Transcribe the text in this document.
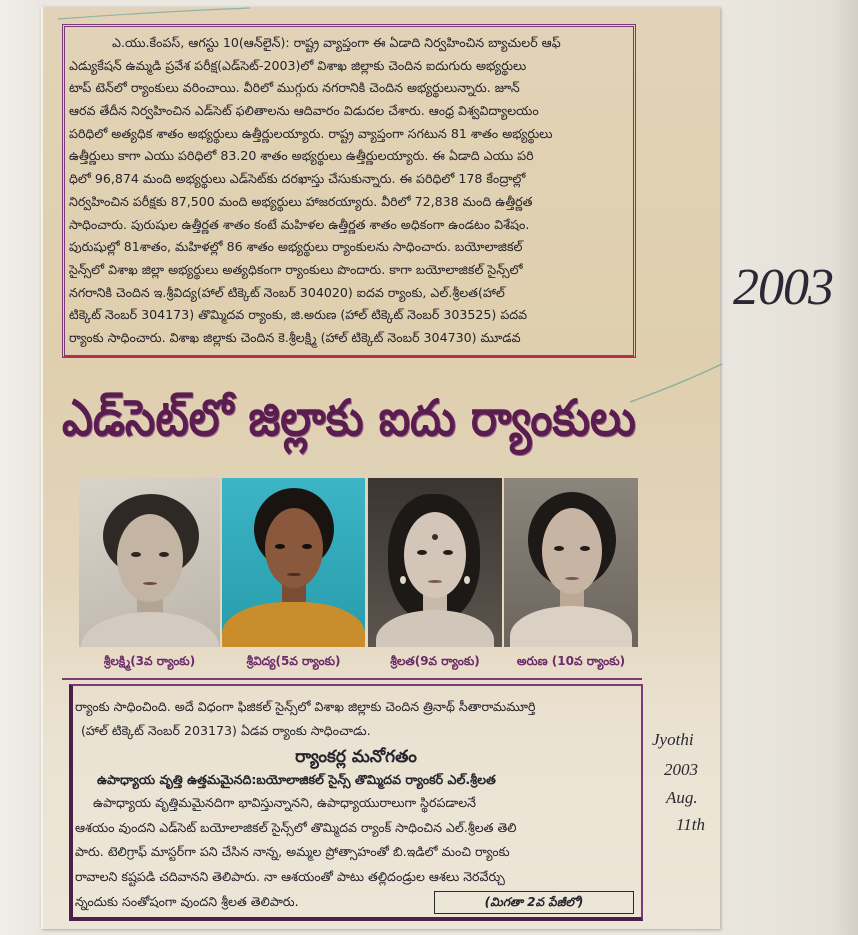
ఎ.యు.కేంపస్, ఆగస్టు 10(ఆన్‌లైన్): రాష్ట్ర వ్యాప్తంగా ఈ ఏడాది నిర్వహించిన బ్యాచులర్ ఆఫ్
ఎడ్యుకేషన్ ఉమ్మడి ప్రవేశ పరీక్ష(ఎడ్‌సెట్-2003)లో విశాఖ జిల్లాకు చెందిన ఐదుగురు అభ్యర్థులు
టాప్ టెన్‌లో ర్యాంకులు వరించాయి. వీరిలో ముగ్గురు నగరానికి చెందిన అభ్యర్థులున్నారు. జూన్
ఆరవ తేదీన నిర్వహించిన ఎడ్‌సెట్ ఫలితాలను ఆదివారం విడుదల చేశారు. ఆంధ్ర విశ్వవిద్యాలయం
పరిధిలో అత్యధిక శాతం అభ్యర్థులు ఉత్తీర్ణులయ్యారు. రాష్ట్ర వ్యాప్తంగా సగటున 81 శాతం అభ్యర్థులు
ఉత్తీర్ణులు కాగా ఎయు పరిధిలో 83.20 శాతం అభ్యర్థులు ఉత్తీర్ణులయ్యారు. ఈ ఏడాది ఎయు పరి
ధిలో 96,874 మంది అభ్యర్థులు ఎడ్‌సెట్‌కు దరఖాస్తు చేసుకున్నారు. ఈ పరిధిలో 178 కేంద్రాల్లో
నిర్వహించిన పరీక్షకు 87,500 మంది అభ్యర్థులు హాజరయ్యారు. వీరిలో 72,838 మంది ఉత్తీర్ణత
సాధించారు. పురుషుల ఉత్తీర్ణత శాతం కంటే మహిళల ఉత్తీర్ణత శాతం అధికంగా ఉండటం విశేషం.
పురుషుల్లో 81శాతం, మహిళల్లో 86 శాతం అభ్యర్థులు ర్యాంకులను సాధించారు. బయోలాజికల్
సైన్స్‌లో విశాఖ జిల్లా అభ్యర్థులు అత్యధికంగా ర్యాంకులు పొందారు. కాగా బయోలాజికల్ సైన్స్‌లో
నగరానికి చెందిన ఇ.శ్రీవిద్య(హాల్ టిక్కెట్ నెంబర్ 304020) ఐదవ ర్యాంకు, ఎల్.శ్రీలత(హాల్
టిక్కెట్ నెంబర్ 304173) తొమ్మిదవ ర్యాంకు, జి.అరుణ (హాల్ టిక్కెట్ నెంబర్ 303525) పదవ
ర్యాంకు సాధించారు. విశాఖ జిల్లాకు చెందిన కె.శ్రీలక్ష్మి (హాల్ టిక్కెట్ నెంబర్ 304730) మూడవ
ఎడ్‌సెట్‌లో జిల్లాకు ఐదు ర్యాంకులు
శ్రీలక్ష్మి(3వ ర్యాంకు)	శ్రీవిద్య(5వ ర్యాంకు)	శ్రీలత(9వ ర్యాంకు)	అరుణ (10వ ర్యాంకు)
ర్యాంకు సాధించింది. అదే విధంగా ఫిజికల్ సైన్స్‌లో విశాఖ జిల్లాకు చెందిన త్రినాథ్ సీతారామమూర్తి
(హాల్ టిక్కెట్ నెంబర్ 203173) ఏడవ ర్యాంకు సాధించాడు.
ర్యాంకర్ల మనోగతం
ఉపాధ్యాయ వృత్తి ఉత్తమమైనది:బయోలాజికల్ సైన్స్ తొమ్మిదవ ర్యాంకర్ ఎల్.శ్రీలత
ఉపాధ్యాయ వృత్తిమమైనదిగా భావిస్తున్నానని, ఉపాధ్యాయురాలుగా స్థిరపడాలనే
ఆశయం వుందని ఎడ్‌సెట్ బయోలాజికల్ సైన్స్‌లో తొమ్మిదవ ర్యాంక్ సాధించిన ఎల్.శ్రీలత తెలి
పారు. టెలిగ్రాఫ్ మాస్టర్‌గా పని చేసిన నాన్న, అమ్మల ప్రోత్సాహంతో బి.ఇడిలో మంచి ర్యాంకు
రావాలని కష్టపడి చదివానని తెలిపారు. నా ఆశయంతో పాటు తల్లిదండ్రుల ఆశలు నెరవేర్చు
న్నందుకు సంతోషంగా వుందని శ్రీలత తెలిపారు.	(మిగతా 2వ పేజీలో)
2003
Jyothi
2003
Aug.
11th
